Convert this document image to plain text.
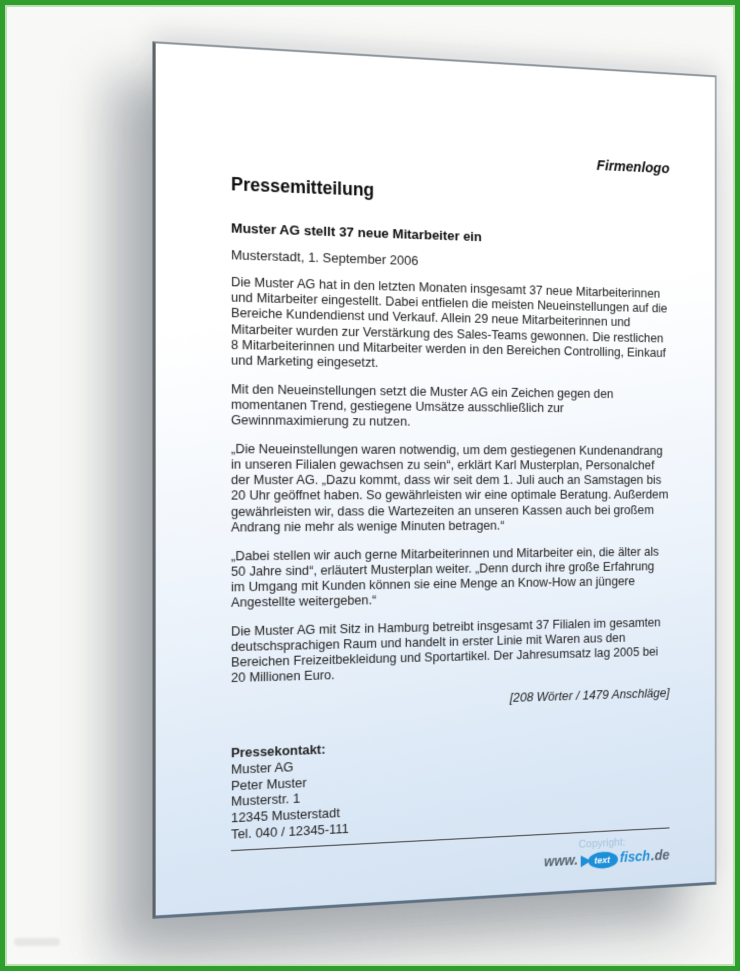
Firmenlogo
Pressemitteilung
Muster AG stellt 37 neue Mitarbeiter ein
Musterstadt, 1. September 2006

Die Muster AG hat in den letzten Monaten insgesamt 37 neue Mitarbeiterinnen und Mitarbeiter eingestellt. Dabei entfielen die meisten Neueinstellungen auf die Bereiche Kundendienst und Verkauf. Allein 29 neue Mitarbeiterinnen und Mitarbeiter wurden zur Verstärkung des Sales-Teams gewonnen. Die restlichen 8 Mitarbeiterinnen und Mitarbeiter werden in den Bereichen Controlling, Einkauf und Marketing eingesetzt.

Mit den Neueinstellungen setzt die Muster AG ein Zeichen gegen den momentanen Trend, gestiegene Umsätze ausschließlich zur Gewinnmaximierung zu nutzen.

„Die Neueinstellungen waren notwendig, um dem gestiegenen Kundenandrang in unseren Filialen gewachsen zu sein“, erklärt Karl Musterplan, Personalchef der Muster AG. „Dazu kommt, dass wir seit dem 1. Juli auch an Samstagen bis 20 Uhr geöffnet haben. So gewährleisten wir eine optimale Beratung. Außerdem gewährleisten wir, dass die Wartezeiten an unseren Kassen auch bei großem Andrang nie mehr als wenige Minuten betragen.“

„Dabei stellen wir auch gerne Mitarbeiterinnen und Mitarbeiter ein, die älter als 50 Jahre sind“, erläutert Musterplan weiter. „Denn durch ihre große Erfahrung im Umgang mit Kunden können sie eine Menge an Know-How an jüngere Angestellte weitergeben.“

Die Muster AG mit Sitz in Hamburg betreibt insgesamt 37 Filialen im gesamten deutschsprachigen Raum und handelt in erster Linie mit Waren aus den Bereichen Freizeitbekleidung und Sportartikel. Der Jahresumsatz lag 2005 bei 20 Millionen Euro.

[208 Wörter / 1479 Anschläge]
Pressekontakt:
Muster AG
Peter Muster
Musterstr. 1
12345 Musterstadt
Tel. 040 / 12345-111
Copyright:
www. text fisch .de
